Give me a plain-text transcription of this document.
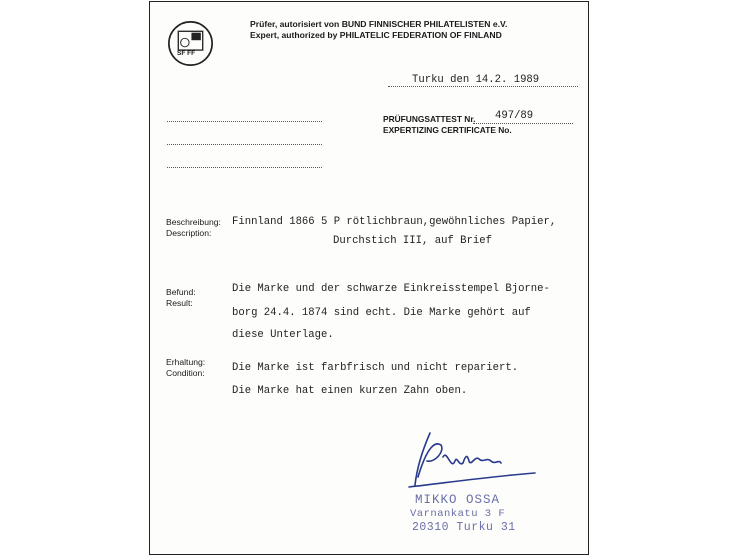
SF FF
Prüfer, autorisiert von BUND FINNISCHER PHILATELISTEN e.V.
Expert, authorized by PHILATELIC FEDERATION OF FINLAND
Turku den 14.2. 1989
PRÜFUNGSATTEST Nr. 497/89
EXPERTIZING CERTIFICATE No.
Beschreibung:
Description:
Finnland 1866 5 P rötlichbraun,gewöhnliches Papier,
Durchstich III, auf Brief
Befund:
Result:
Die Marke und der schwarze Einkreisstempel Bjorne-
borg 24.4. 1874 sind echt. Die Marke gehört auf
diese Unterlage.
Erhaltung:
Condition:	Die Marke ist farbfrisch und nicht repariert.
Die Marke hat einen kurzen Zahn oben.
MIKKO OSSA
Varnankatu 3 F
20310 Turku 31
